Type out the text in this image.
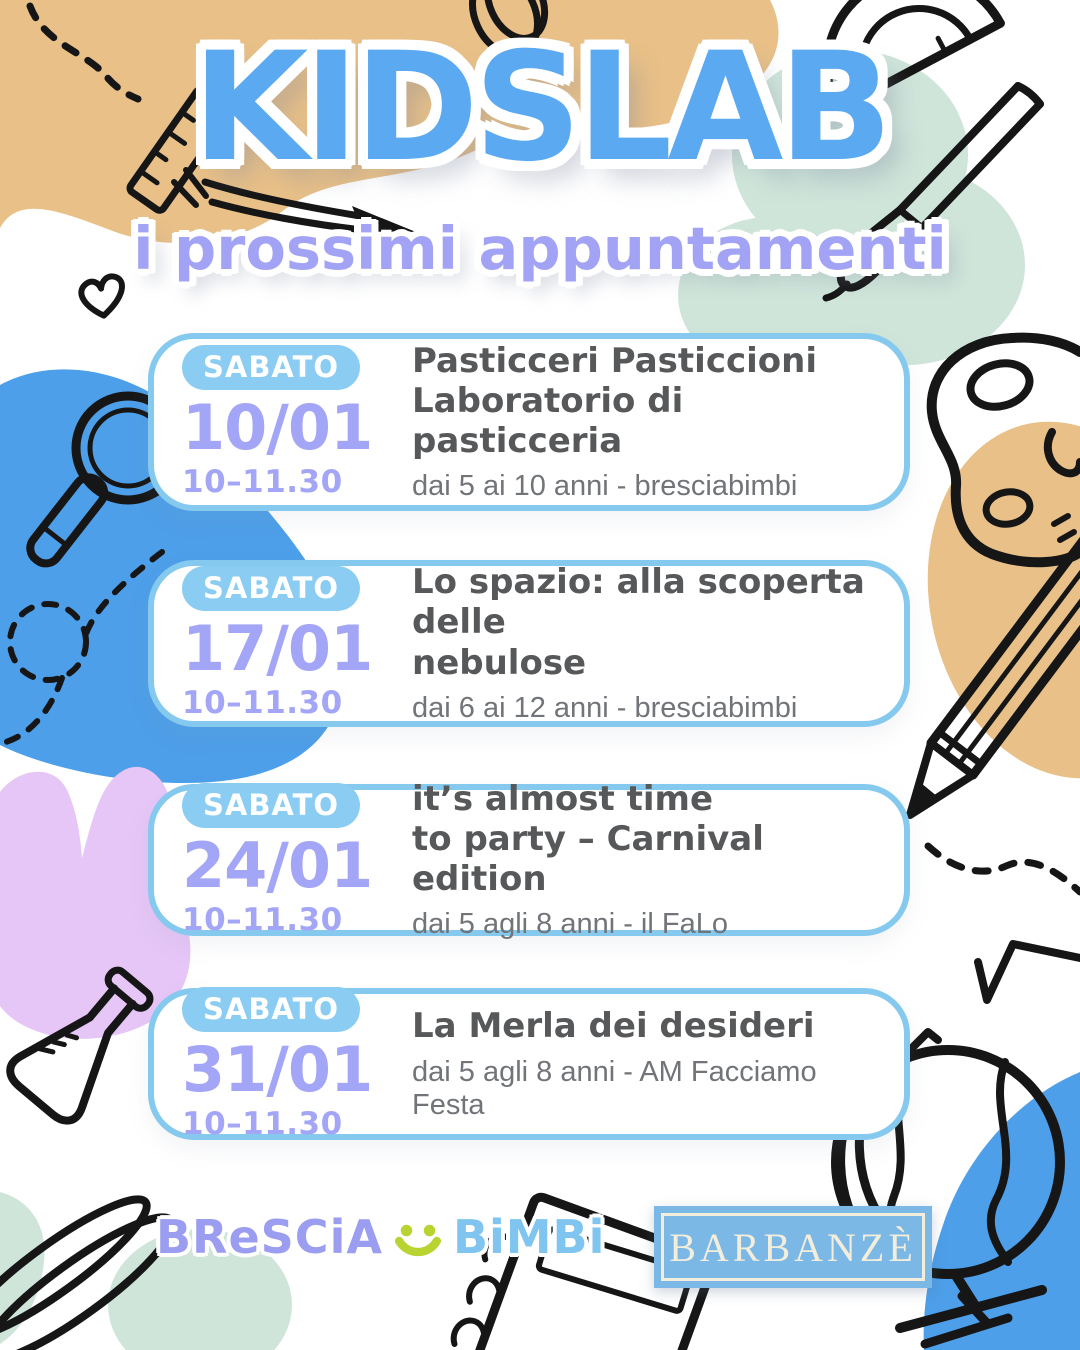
KIDSLAB
i prossimi appuntamenti
SABATO
10/01
10–11.30
Pasticceri Pasticcioni
Laboratorio di pasticceria
dai 5 ai 10 anni - bresciabimbi
SABATO
17/01
10–11.30
Lo spazio: alla scoperta delle
nebulose
dai 6 ai 12 anni - bresciabimbi
SABATO
24/01
10–11.30
it’s almost time
to party – Carnival edition
dai 5 agli 8 anni - il FaLo
SABATO
31/01
10–11.30
La Merla dei desideri
dai 5 agli 8 anni - AM Facciamo Festa
BReSCiA BiMBi BARBANZÈ
